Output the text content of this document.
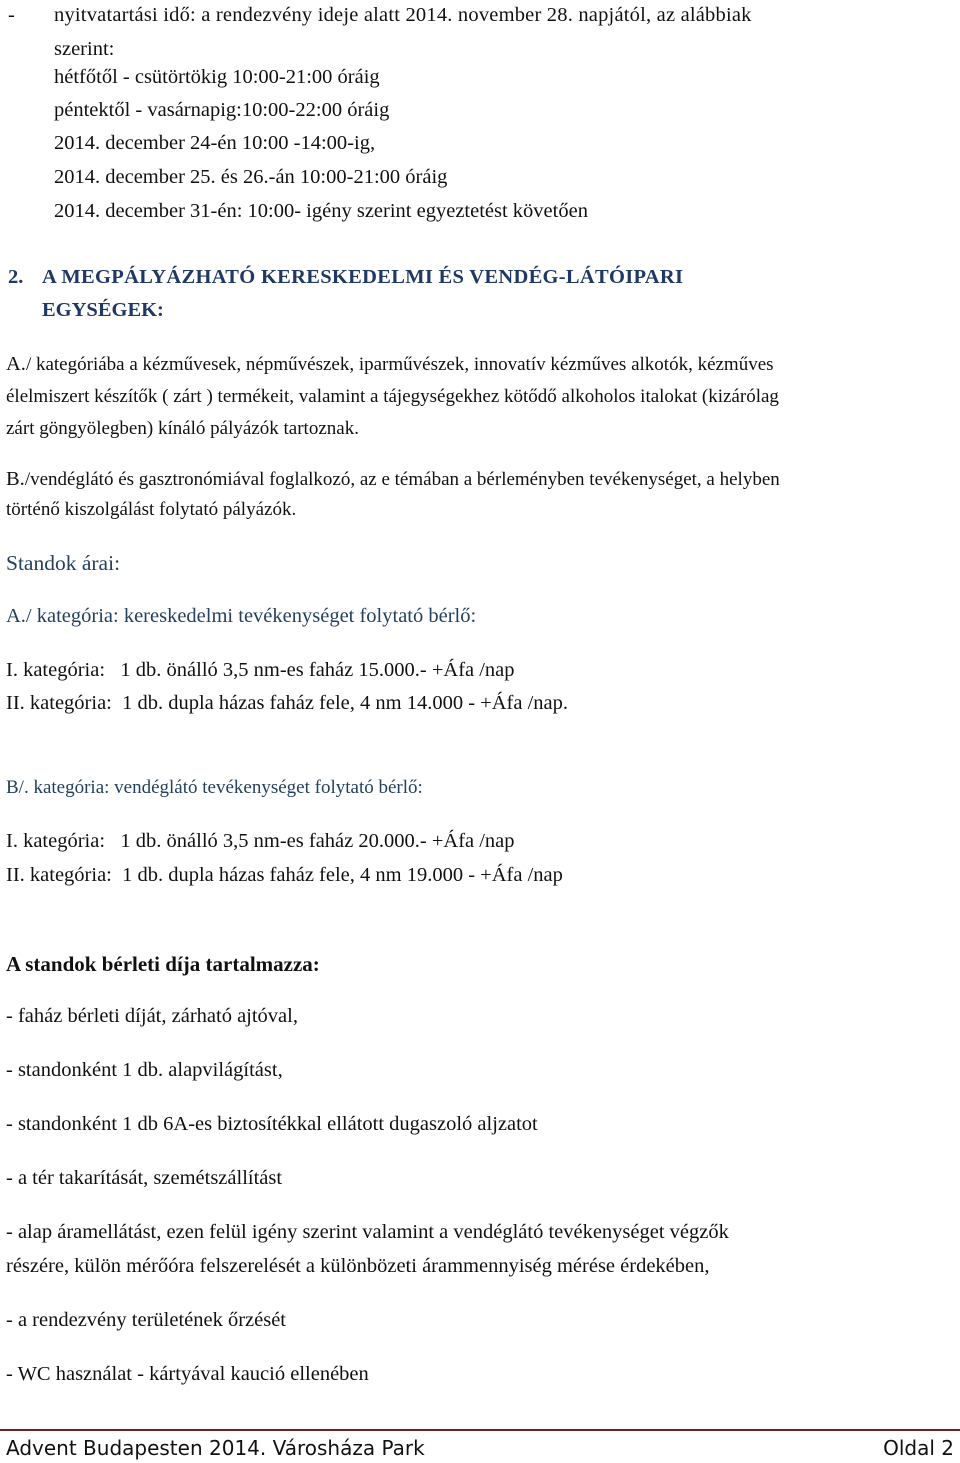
- nyitvatartási idő: a rendezvény ideje alatt 2014. november 28. napjától, az alábbiak
szerint:
hétfőtől - csütörtökig 10:00-21:00 óráig
péntektől - vasárnapig:10:00-22:00 óráig
2014. december 24-én 10:00 -14:00-ig,
2014. december 25. és 26.-án 10:00-21:00 óráig
2014. december 31-én: 10:00- igény szerint egyeztetést követően
2. A MEGPÁLYÁZHATÓ KERESKEDELMI ÉS VENDÉG-LÁTÓIPARI
EGYSÉGEK:
A./ kategóriába a kézművesek, népművészek, iparművészek, innovatív kézműves alkotók, kézműves
élelmiszert készítők ( zárt ) termékeit, valamint a tájegységekhez kötődő alkoholos italokat (kizárólag
zárt göngyölegben) kínáló pályázók tartoznak.
B./vendéglátó és gasztronómiával foglalkozó, az e témában a bérleményben tevékenységet, a helyben
történő kiszolgálást folytató pályázók.
Standok árai:
A./ kategória: kereskedelmi tevékenységet folytató bérlő:
I. kategória:   1 db. önálló 3,5 nm-es faház 15.000.- +Áfa /nap
II. kategória:  1 db. dupla házas faház fele, 4 nm 14.000 - +Áfa /nap.
B/. kategória: vendéglátó tevékenységet folytató bérlő:
I. kategória:   1 db. önálló 3,5 nm-es faház 20.000.- +Áfa /nap
II. kategória:  1 db. dupla házas faház fele, 4 nm 19.000 - +Áfa /nap
A standok bérleti díja tartalmazza:
- faház bérleti díját, zárható ajtóval,
- standonként 1 db. alapvilágítást,
- standonként 1 db 6A-es biztosítékkal ellátott dugaszoló aljzatot
- a tér takarítását, szemétszállítást
- alap áramellátást, ezen felül igény szerint valamint a vendéglátó tevékenységet végzők
részére, külön mérőóra felszerelését a különbözeti árammennyiség mérése érdekében,
- a rendezvény területének őrzését
- WC használat - kártyával kaució ellenében
Advent Budapesten 2014. Városháza Park	Oldal 2
